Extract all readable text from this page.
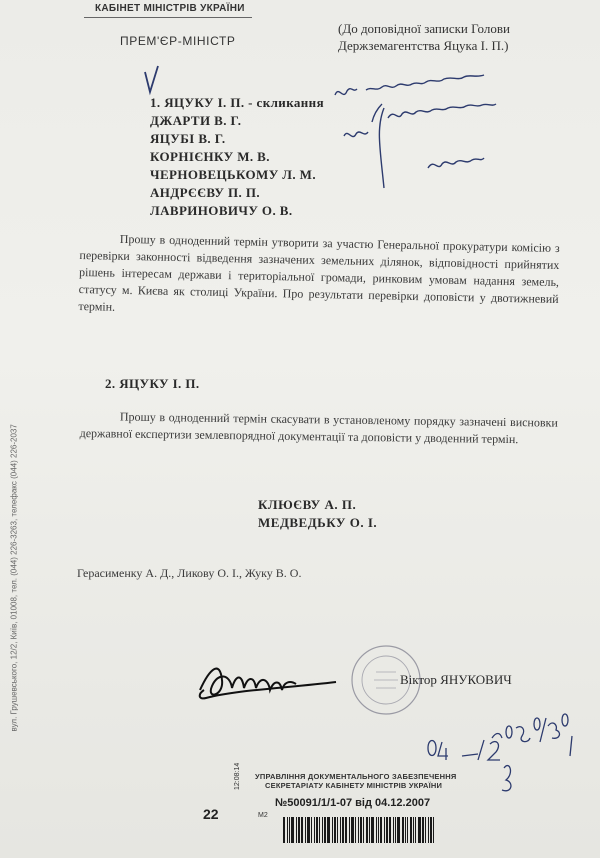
КАБІНЕТ МІНІСТРІВ УКРАЇНИ
ПРЕМ'ЄР-МІНІСТР
(До доповідної записки Голови Держземагентства Яцука І. П.)
1. ЯЦУКУ І. П. - скликання
ДЖАРТИ В. Г.
ЯЦУБІ В. Г.
КОРНІЄНКУ М. В.
ЧЕРНОВЕЦЬКОМУ Л. М.
АНДРЄЄВУ П. П.
ЛАВРИНОВИЧУ О. В.
Прошу в одноденний термін утворити за участю Генеральної прокуратури комісію з перевірки законності відведення зазначених земельних ділянок, відповідності прийнятих рішень інтересам держави і територіальної громади, ринковим умовам надання земель, статусу м. Києва як столиці України. Про результати перевірки доповісти у двотижневий термін.
2. ЯЦУКУ І. П.
Прошу в одноденний термін скасувати в установленому порядку зазначені висновки державної експертизи землевпорядної документації та доповісти у дводенний термін.
КЛЮЄВУ А. П.
МЕДВЕДЬКУ О. І.
Герасименку А. Д., Ликову О. І., Жуку В. О.
Віктор ЯНУКОВИЧ
вул. Грушевського, 12/2, Київ, 01008, тел. (044) 226-3263, телефакс (044) 226-2037
УПРАВЛІННЯ ДОКУМЕНТАЛЬНОГО ЗАБЕЗПЕЧЕННЯ
СЕКРЕТАРІАТУ КАБІНЕТУ МІНІСТРІВ УКРАЇНИ
№50091/1/1-07 від 04.12.2007
М2
12:08:14
22
